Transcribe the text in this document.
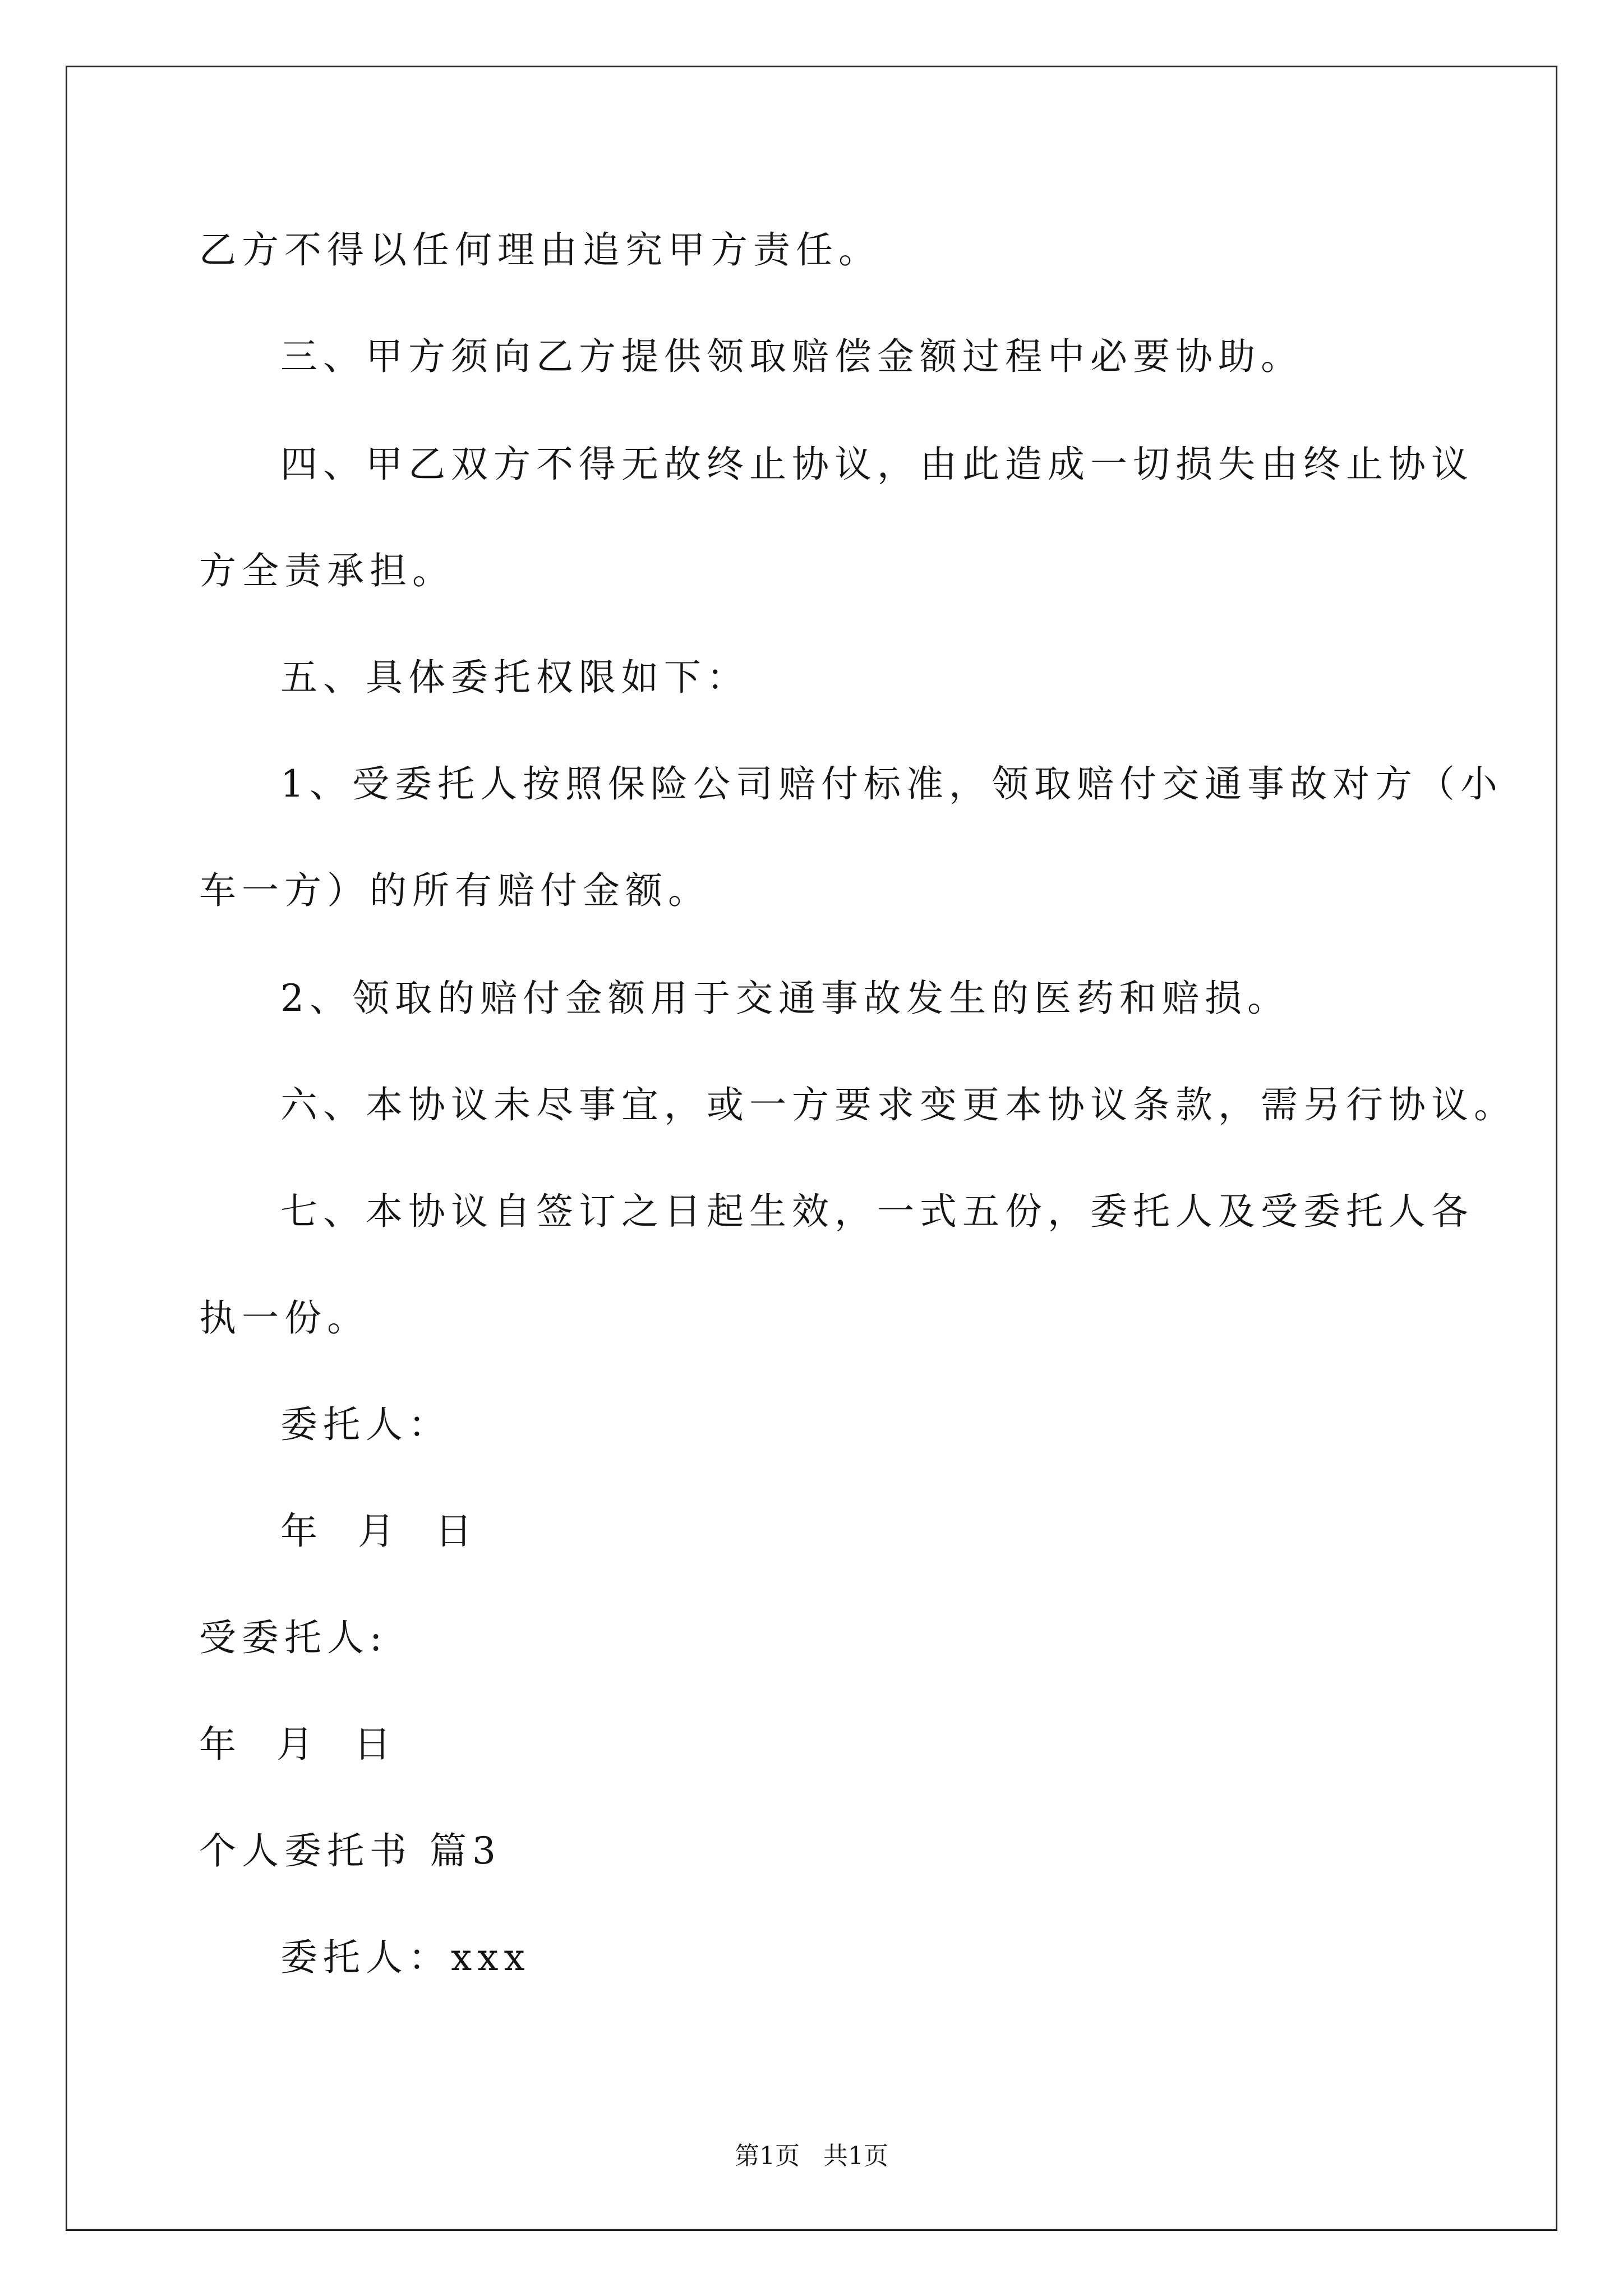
乙方不得以任何理由追究甲方责任。
三、甲方须向乙方提供领取赔偿金额过程中必要协助。
四、甲乙双方不得无故终止协议，由此造成一切损失由终止协议
方全责承担。
五、具体委托权限如下：
1、受委托人按照保险公司赔付标准，领取赔付交通事故对方（小
车一方）的所有赔付金额。
2、领取的赔付金额用于交通事故发生的医药和赔损。
六、本协议未尽事宜，或一方要求变更本协议条款，需另行协议。
七、本协议自签订之日起生效，一式五份，委托人及受委托人各
执一份。
委托人：
年  月  日
受委托人:
年  月  日
个人委托书 篇3
委托人：xxx
第1页   共1页
